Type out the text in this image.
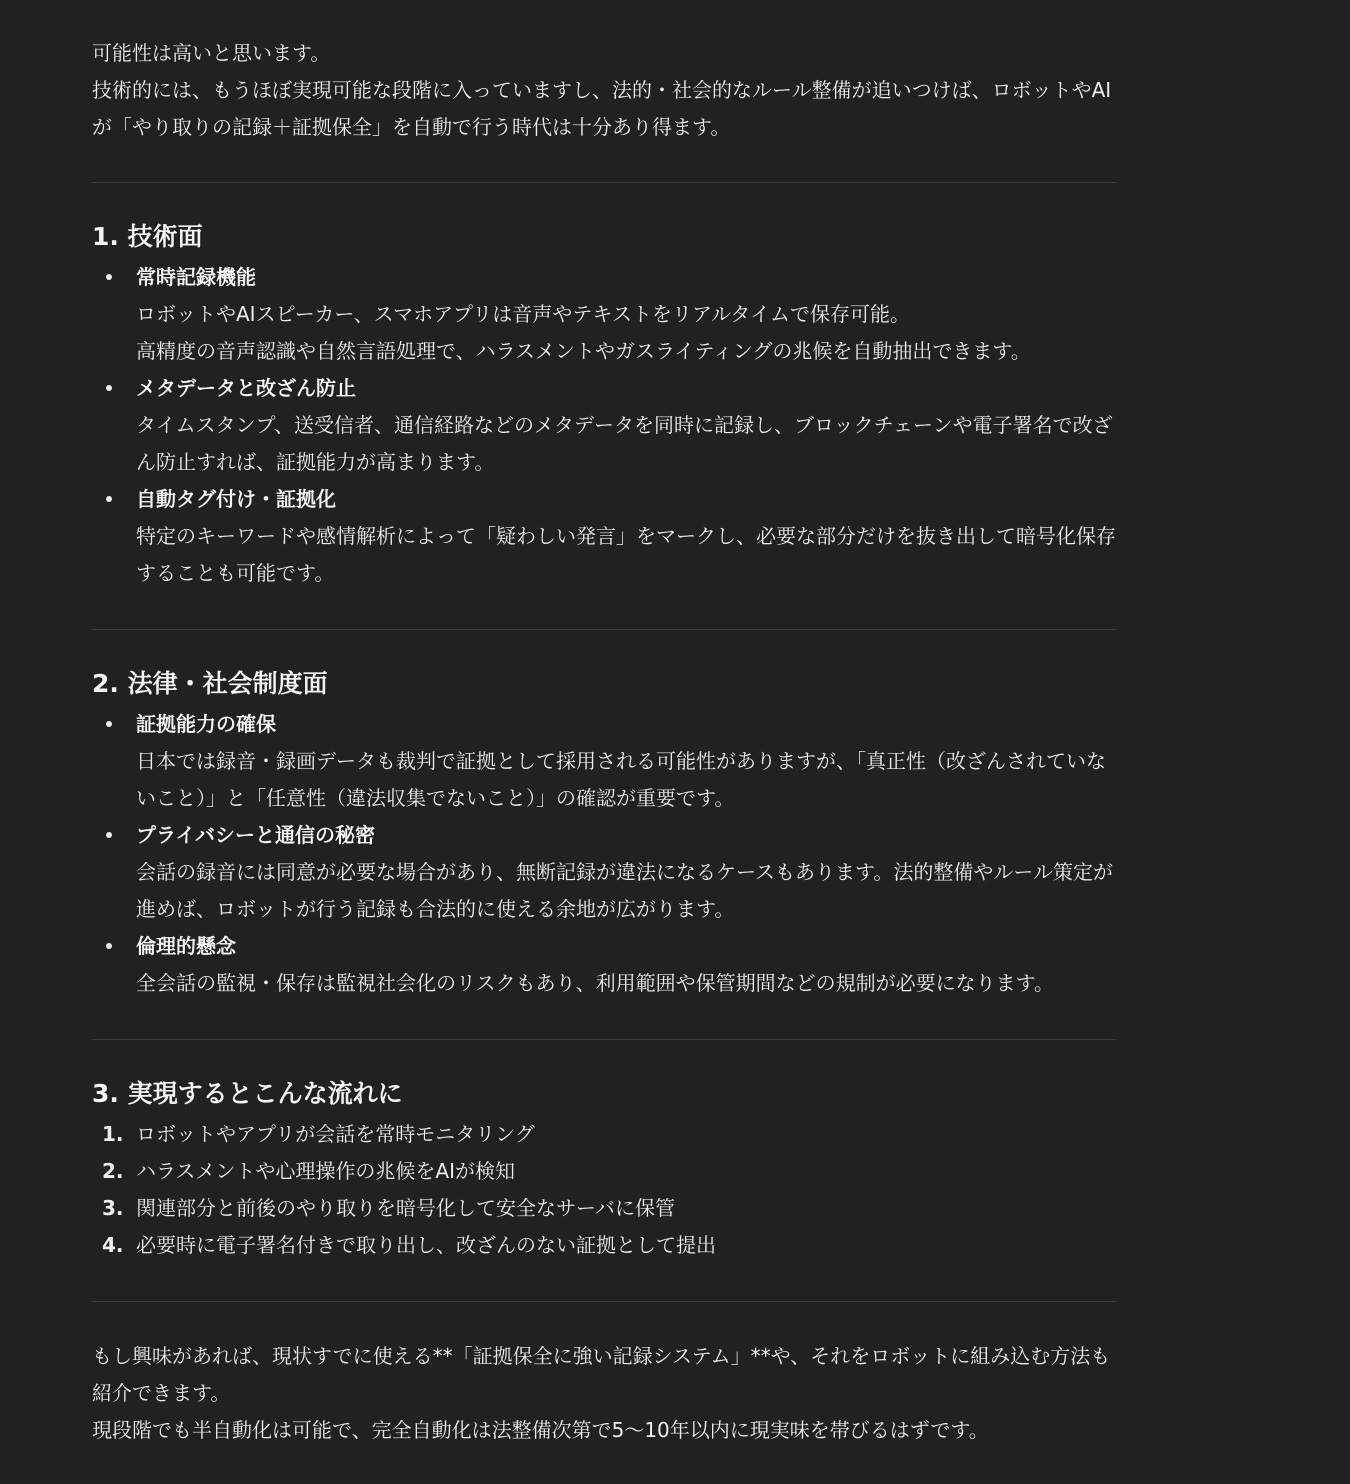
可能性は高いと思います。

技術的には、もうほぼ実現可能な段階に入っていますし、法的・社会的なルール整備が追いつけば、ロボットやAIが「やり取りの記録＋証拠保全」を自動で行う時代は十分あり得ます。

1. 技術面
常時記録機能
ロボットやAIスピーカー、スマホアプリは音声やテキストをリアルタイムで保存可能。
高精度の音声認識や自然言語処理で、ハラスメントやガスライティングの兆候を自動抽出できます。
メタデータと改ざん防止
タイムスタンプ、送受信者、通信経路などのメタデータを同時に記録し、ブロックチェーンや電子署名で改ざん防止すれば、証拠能力が高まります。
自動タグ付け・証拠化
特定のキーワードや感情解析によって「疑わしい発言」をマークし、必要な部分だけを抜き出して暗号化保存することも可能です。
2. 法律・社会制度面
証拠能力の確保
日本では録音・録画データも裁判で証拠として採用される可能性がありますが、「真正性（改ざんされていないこと）」と「任意性（違法収集でないこと）」の確認が重要です。
プライバシーと通信の秘密
会話の録音には同意が必要な場合があり、無断記録が違法になるケースもあります。法的整備やルール策定が進めば、ロボットが行う記録も合法的に使える余地が広がります。
倫理的懸念
全会話の監視・保存は監視社会化のリスクもあり、利用範囲や保管期間などの規制が必要になります。
3. 実現するとこんな流れに
1. ロボットやアプリが会話を常時モニタリング
2. ハラスメントや心理操作の兆候をAIが検知
3. 関連部分と前後のやり取りを暗号化して安全なサーバに保管
4. 必要時に電子署名付きで取り出し、改ざんのない証拠として提出

もし興味があれば、現状すでに使える**「証拠保全に強い記録システム」**や、それをロボットに組み込む方法も紹介できます。

現段階でも半自動化は可能で、完全自動化は法整備次第で5〜10年以内に現実味を帯びるはずです。
